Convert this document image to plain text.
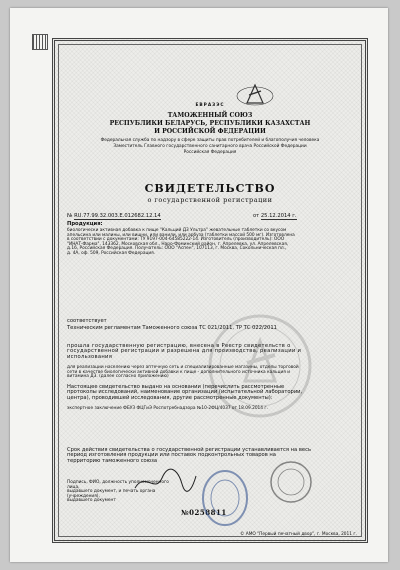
ЕВРАЗЭС
ТАМОЖЕННЫЙ СОЮЗ
РЕСПУБЛИКИ БЕЛАРУСЬ, РЕСПУБЛИКИ КАЗАХСТАН
И РОССИЙСКОЙ ФЕДЕРАЦИИ
Федеральная служба по надзору в сфере защиты прав потребителей и благополучия человека
Заместитель Главного государственного санитарного врача Российской Федерации
Российская Федерация
СВИДЕТЕЛЬСТВО
о государственной регистрации
№ RU.77.99.32.003.E.012682.12.14	от 25.12.2014 г.
Продукция:
биологически активная добавка к пище "Кальций Д3 Ультра" жевательные таблетки со вкусом
апельсина или малины, или вишни, или ванили, или арбуза (таблетки массой 500 мг). Изготовлена
в соответствии с документами: ТУ 9197-004-64585222-14. Изготовитель (производитель): ООО
"ИНАТ-Фарма", 143362, Московская обл., Наро-Фоминский район, г. Апрелевка, ул. Апрелевская,
д.16, Российская Федерация. Получатель: ООО "Аспен", 107113, г. Москва, Сокольническая пл.,
д. 4А, оф. 509, Российская Федерация.
соответствует
Техническим регламентам Таможенного союза ТС 021/2011, ТР ТС 022/2011
прошла государственную регистрацию, внесена в Реестр свидетельств о
государственной регистрации и разрешена для производства, реализации и
использования
для реализации населению через аптечную сеть и специализированные магазины, отделы торговой
сети в качестве биологически активной добавки к пище - дополнительного источника кальция и
витамина Д3. (далее согласно приложению)
Настоящее свидетельство выдано на основании (перечислить рассмотренные
протоколы исследований, наименование организации (испытательной лаборатории,
центра), проводившей исследования, другие рассмотренные документы):
экспертное заключение ФБУЗ ФЦГиЭ Роспотребнадзора №10-2ФЦ/4037 от 18.09.2014 г.
Срок действия свидетельства о государственной регистрации устанавливается на весь
период изготовления продукции или поставок подконтрольных товаров на
территорию таможенного союза
Подпись, ФИО, должность уполномоченного лица,
выдавшего документ, и печать органа (учреждения),
выдавшего документ
№0258811
© АМО "Первый печатный двор", г. Москва, 2011 г.
